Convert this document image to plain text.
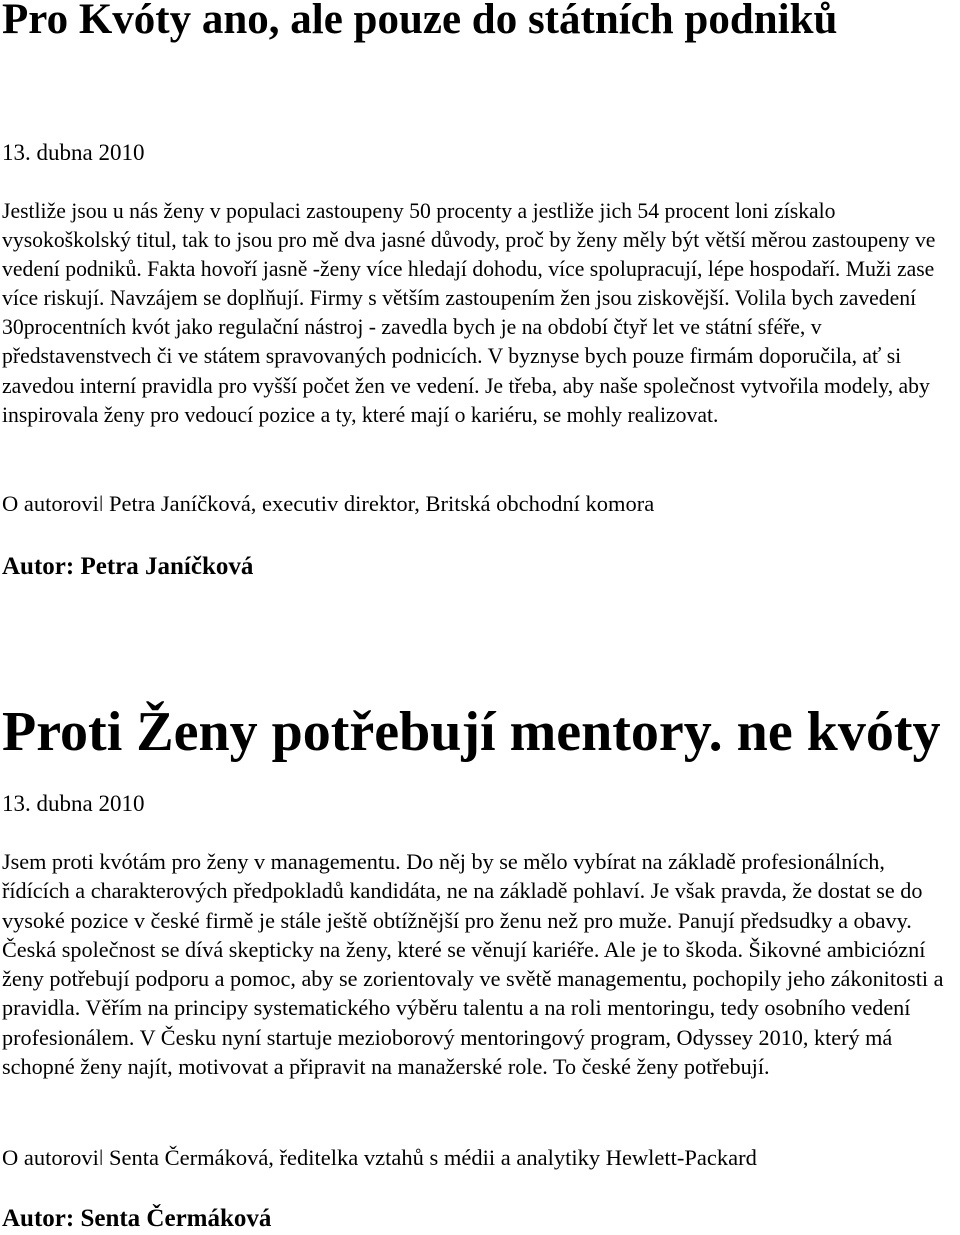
Pro Kvóty ano, ale pouze do státních podniků
13. dubna 2010

Jestliže jsou u nás ženy v populaci zastoupeny 50 procenty a jestliže jich 54 procent loni získalo vysokoškolský titul, tak to jsou pro mě dva jasné důvody, proč by ženy měly být větší měrou zastoupeny ve vedení podniků. Fakta hovoří jasně -ženy více hledají dohodu, více spolupracují, lépe hospodaří. Muži zase více riskují. Navzájem se doplňují. Firmy s větším zastoupením žen jsou ziskovější. Volila bych zavedení 30procentních kvót jako regulační nástroj - zavedla bych je na období čtyř let ve státní sféře, v představenstvech či ve státem spravovaných podnicích. V byznyse bych pouze firmám doporučila, ať si zavedou interní pravidla pro vyšší počet žen ve vedení. Je třeba, aby naše společnost vytvořila modely, aby inspirovala ženy pro vedoucí pozice a ty, které mají o kariéru, se mohly realizovat.

O autoroviǀ Petra Janíčková, executiv direktor, Britská obchodní komora
Autor: Petra Janíčková
Proti Ženy potřebují mentory. ne kvóty
13. dubna 2010

Jsem proti kvótám pro ženy v managementu. Do něj by se mělo vybírat na základě profesionálních, řídících a charakterových předpokladů kandidáta, ne na základě pohlaví. Je však pravda, že dostat se do vysoké pozice v české firmě je stále ještě obtížnější pro ženu než pro muže. Panují předsudky a obavy. Česká společnost se dívá skepticky na ženy, které se věnují kariéře. Ale je to škoda. Šikovné ambiciózní ženy potřebují podporu a pomoc, aby se zorientovaly ve světě managementu, pochopily jeho zákonitosti a pravidla. Věřím na principy systematického výběru talentu a na roli mentoringu, tedy osobního vedení profesionálem. V Česku nyní startuje mezioborový mentoringový program, Odyssey 2010, který má schopné ženy najít, motivovat a připravit na manažerské role. To české ženy potřebují.

O autoroviǀ Senta Čermáková, ředitelka vztahů s médii a analytiky Hewlett-Packard
Autor: Senta Čermáková
